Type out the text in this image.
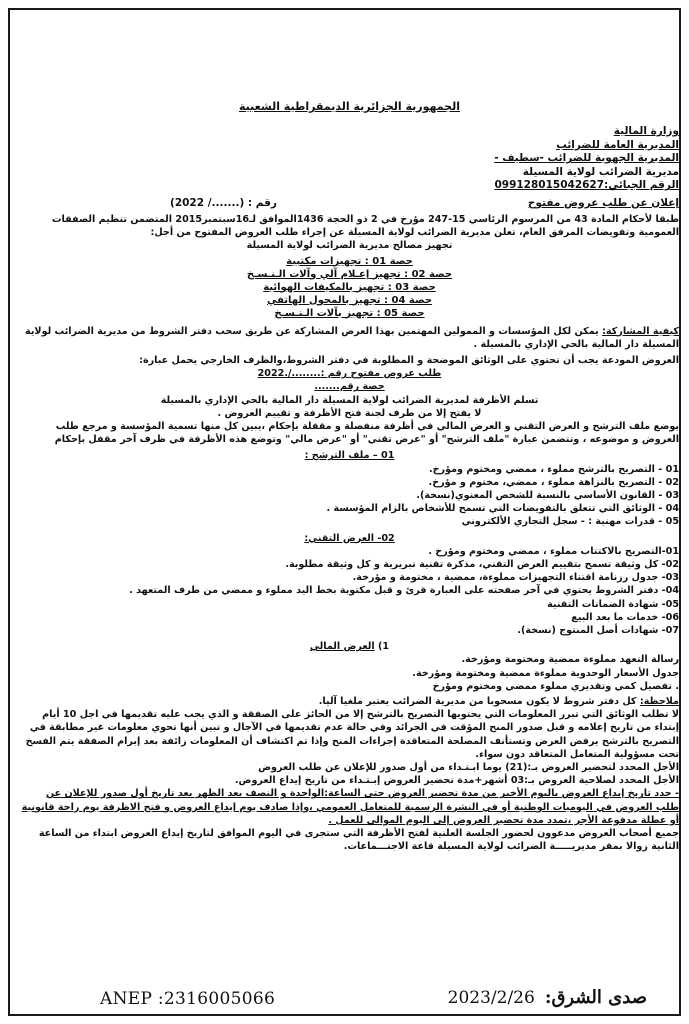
الجمهورية الجزائرية الديمقراطية الشعبية

وزارة المالية

المديرية العامة للضرائب

المديرية الجهوية للضرائب -سطيف -

مديرية الضرائب لولاية المسيلة

الرقم الجبائي:099128015042627

إعلان عن طلب عروض مفتوح
رقم : (......./ 2022)

طبقا لأحكام المادة 43 من المرسوم الرئاسي 15-247 مؤرخ في 2 ذو الحجة 1436الموافق لـ16سبتمبر2015 المتضمن تنظيم الصفقات العمومية وتفويضات المرفق العام، تعلن مديرية الضرائب لولاية المسيلة عن إجراء طلب العروض المفتوح من أجل:

تجهيز مصالح مديرية الضرائب لولاية المسيلة

حصة 01 : تجهيزات مكتبية

حصة 02 : تجهيز إعـلام آلي وآلات الـنـسـخ

حصة 03 : تجهيز بالمكيفات الهوائية

حصة 04 : تجهيز بالمحول الهاتفي

حصة 05 : تجهيز بآلات الـنـسـخ

كيفية المشاركة: يمكن لكل المؤسسات و الممولين المهتمين بهذا العرض المشاركة عن طريق سحب دفتر الشروط من مديرية الضرائب لولاية المسيلة دار المالية بالحي الإداري بالمسيلة .

العروض المودعة يجب أن تحتوي على الوثائق الموضحة و المطلوبة في دفتر الشروط،والظرف الخارجي يحمل عبارة:

طلب عروض مفتوح رقم :......../.2022

حصة رقم.......

تسلم الأظرفة لمديرية الضرائب لولاية المسيلة دار المالية بالحي الإداري بالمسيلة

لا يفتح إلا من طرف لجنة فتح الأظرفة و تقييم العروض .

يوضع ملف الترشح و العرض التقني و العرض المالي في أظرفة منفصلة و مقفلة بإحكام ،يبين كل منها تسمية المؤسسة و مرجع طلب العروض و موضوعه ، وتتضمن عبارة "ملف الترشح" أو "عرض تقني" أو "عرض مالي" وتوضع هذه الأظرفة في ظرف آخر مقفل بإحكام

01 – ملف الترشح :

01 - التصريح بالترشح مملوء ، ممضي ومختوم ومؤرخ.
02 - التصريح بالنزاهة مملوء ، ممضي، مختوم و مؤرخ.
03 - القانون الأساسي بالنسبة للشخص المعنوي(نسخة).
04 - الوثائق التي تتعلق بالتفويضات التي تسمح للأشخاص بالزام المؤسسة .
05 - قدرات مهنية : - سجل التجاري الألكتروني

02- العرض التقني:

01-التصريح بالاكتتاب مملوء ، ممضي ومختوم ومؤرخ .
02- كل وثيقة تسمح بتقييم العرض التقني، مذكرة تقنية تبريرية و كل وثيقة مطلوبة.
03- جدول رزنامة اقتناء التجهيزات مملوءة، ممضية ، مختومة و مؤرخة.
04- دفتر الشروط يحتوي في آخر صفحته على العبارة قرئ و قبل مكتوبة بخط اليد مملوء و ممضي من طرف المتعهد .
05- شهادة الضمانات التقنية
06- خدمات ما بعد البيع
07- شهادات أصل المنتوج (نسخة).

1) العرض المالي

رسالة التعهد مملوءة ممضية ومختومة ومؤرخة.
جدول الأسعار الوحدوية مملوءة ممضية ومختومة ومؤرخة.
. تفصيل كمي وتقديري مملوء ممضي ومختوم ومؤرخ

ملاحظة: كل دفتر شروط لا يكون مسحوبا من مديرية الضرائب يعتبر ملغيا آليا.

لا تطلب الوثائق التي تبرر المعلومات التي يحتويها التصريح بالترشح إلا من الحائز على الصفقة و الذي يجب عليه تقديمها في اجل 10 أيام إبتداء من تاريخ إعلامه و قبل صدور المنح المؤقت في الجرائد وفي حالة عدم تقديمها في الآجال و تبين أنها تحوي معلومات غير مطابقة في التصريح بالترشح يرفض العرض وتستأنف المصلحة المتعاقدة إجراءات المنح وإذا تم اكتشاف أن المعلومات زائفة بعد إبرام الصفقة يتم الفسخ تحت مسؤولية المتعامل المتعاقد دون سواء.

الأجل المحدد لتحضير العروض بـ:(21) يوما ابـتـداء من أول صدور للإعلان عن طلب العروض

الأجل المحدد لصلاحية العروض بـ:03 أشهر+مدة تحضير العروض إبـتـداء من تاريخ إيداع العروض.

- حدد تاريخ إيداع العروض باليوم الأخير من مدة تحضير العروض حتى الساعة:الواحدة و النصف بعد الظهر بعد تاريخ أول صدور للإعلان عن طلب العروض في اليوميات الوطنية أو في النشرة الرسمية للمتعامل العمومي ،وإذا صادف يوم إيداع العروض و فتح الاظرفة يوم راحة قانونية أو عطلة مدفوعة الأجر ،تمدد مدة تحضير العروض إلى اليوم الموالي للعمل .

جميع أصحاب العروض مدعوون لحضور الجلسة العلنية لفتح الأظرفة التي ستجرى في اليوم الموافق لتاريخ إيداع العروض ابتداء من الساعة الثانية زوالا بمقر مديريـــــة الضرائب لولاية المسيلة قاعة الاجتـــماعات.

ANEP :2316005066	صدى الشرق:2023/2/26
